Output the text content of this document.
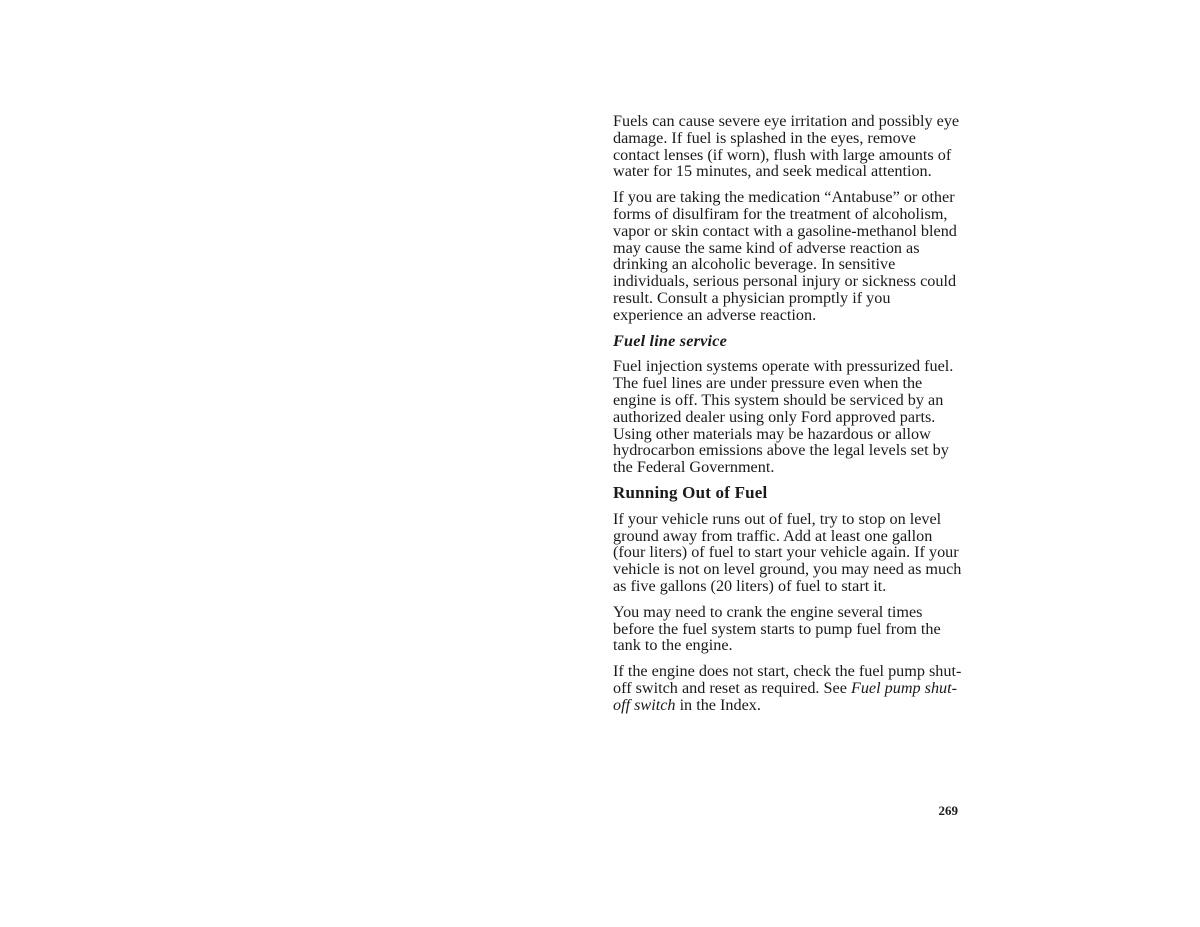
Fuels can cause severe eye irritation and possibly eye damage. If fuel is splashed in the eyes, remove contact lenses (if worn), flush with large amounts of water for 15 minutes, and seek medical attention.

If you are taking the medication “Antabuse” or other forms of disulfiram for the treatment of alcoholism, vapor or skin contact with a gasoline-methanol blend may cause the same kind of adverse reaction as drinking an alcoholic beverage. In sensitive individuals, serious personal injury or sickness could result. Consult a physician promptly if you experience an adverse reaction.

Fuel line service

Fuel injection systems operate with pressurized fuel. The fuel lines are under pressure even when the engine is off. This system should be serviced by an authorized dealer using only Ford approved parts. Using other materials may be hazardous or allow hydrocarbon emissions above the legal levels set by the Federal Government.

Running Out of Fuel

If your vehicle runs out of fuel, try to stop on level ground away from traffic. Add at least one gallon (four liters) of fuel to start your vehicle again. If your vehicle is not on level ground, you may need as much as five gallons (20 liters) of fuel to start it.

You may need to crank the engine several times before the fuel system starts to pump fuel from the tank to the engine.

If the engine does not start, check the fuel pump shut-off switch and reset as required. See Fuel pump shut-off switch in the Index.

269
